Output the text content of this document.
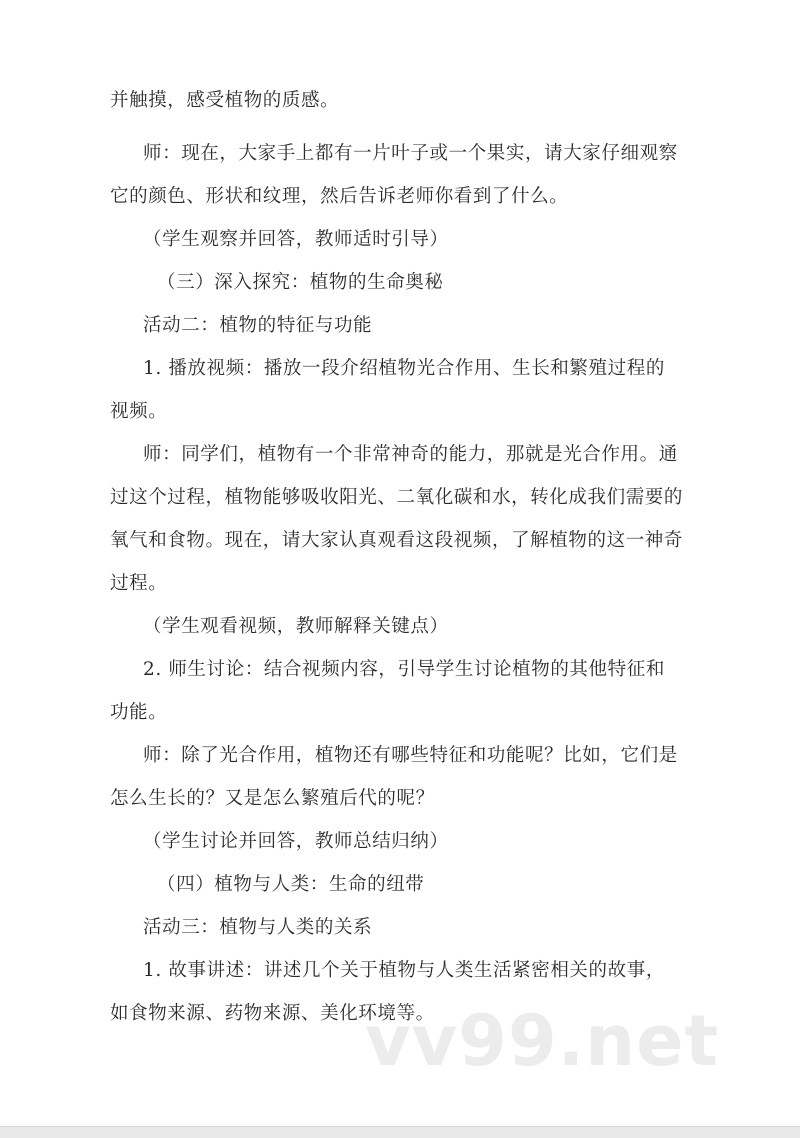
并触摸，感受植物的质感。
师：现在，大家手上都有一片叶子或一个果实，请大家仔细观察
它的颜色、形状和纹理，然后告诉老师你看到了什么。
（学生观察并回答，教师适时引导）
（三）深入探究：植物的生命奥秘
活动二：植物的特征与功能
1. 播放视频：播放一段介绍植物光合作用、生长和繁殖过程的
视频。
师：同学们，植物有一个非常神奇的能力，那就是光合作用。通
过这个过程，植物能够吸收阳光、二氧化碳和水，转化成我们需要的
氧气和食物。现在，请大家认真观看这段视频，了解植物的这一神奇
过程。
（学生观看视频，教师解释关键点）
2. 师生讨论：结合视频内容，引导学生讨论植物的其他特征和
功能。
师：除了光合作用，植物还有哪些特征和功能呢？比如，它们是
怎么生长的？又是怎么繁殖后代的呢？
（学生讨论并回答，教师总结归纳）
（四）植物与人类：生命的纽带
活动三：植物与人类的关系
1. 故事讲述：讲述几个关于植物与人类生活紧密相关的故事，
如食物来源、药物来源、美化环境等。
vv99.net
